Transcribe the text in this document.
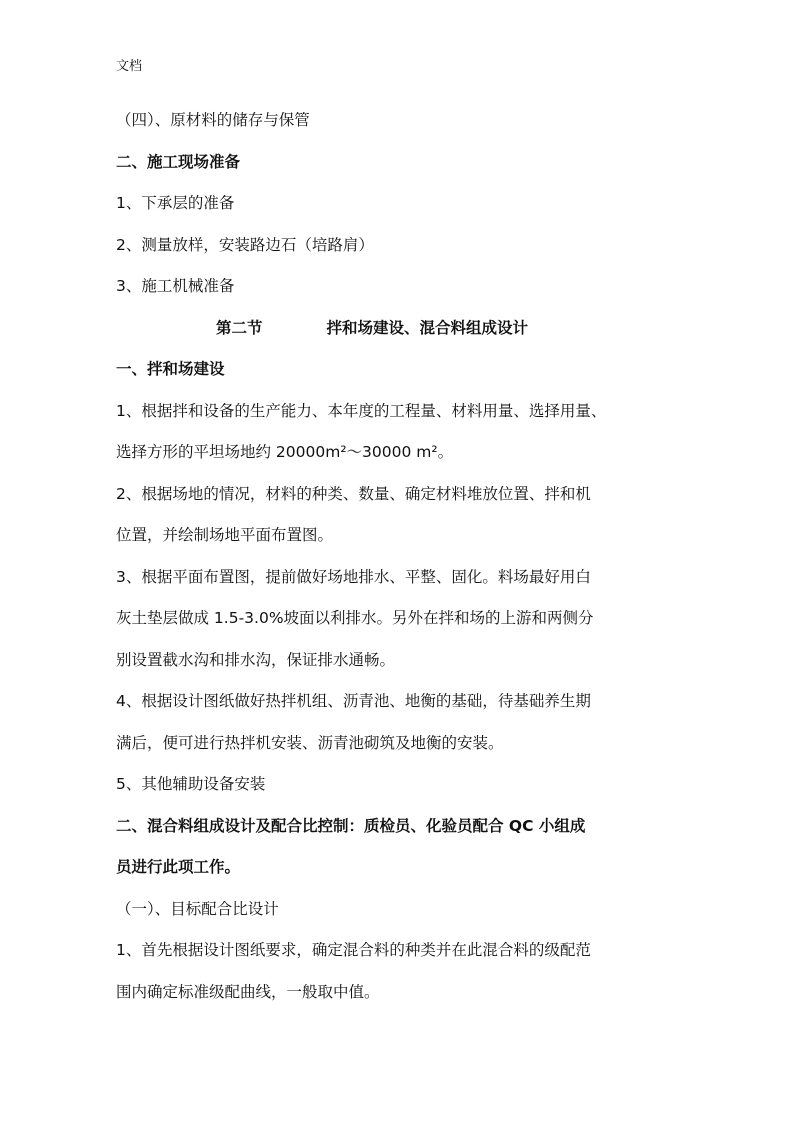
文档

（四）、原材料的储存与保管

二、施工现场准备

1、下承层的准备

2、测量放样，安装路边石（培路肩）

3、施工机械准备

第二节	拌和场建设、混合料组成设计

一、拌和场建设

1、根据拌和设备的生产能力、本年度的工程量、材料用量、选择用量、

选择方形的平坦场地约 20000m²～30000 m²。

2、根据场地的情况，材料的种类、数量、确定材料堆放位置、拌和机

位置，并绘制场地平面布置图。

3、根据平面布置图，提前做好场地排水、平整、固化。料场最好用白

灰土垫层做成 1.5-3.0%坡面以利排水。另外在拌和场的上游和两侧分

别设置截水沟和排水沟，保证排水通畅。

4、根据设计图纸做好热拌机组、沥青池、地衡的基础，待基础养生期

满后，便可进行热拌机安装、沥青池砌筑及地衡的安装。

5、其他辅助设备安装

二、混合料组成设计及配合比控制：质检员、化验员配合 QC 小组成

员进行此项工作。

（一）、目标配合比设计

1、首先根据设计图纸要求，确定混合料的种类并在此混合料的级配范

围内确定标准级配曲线，一般取中值。
